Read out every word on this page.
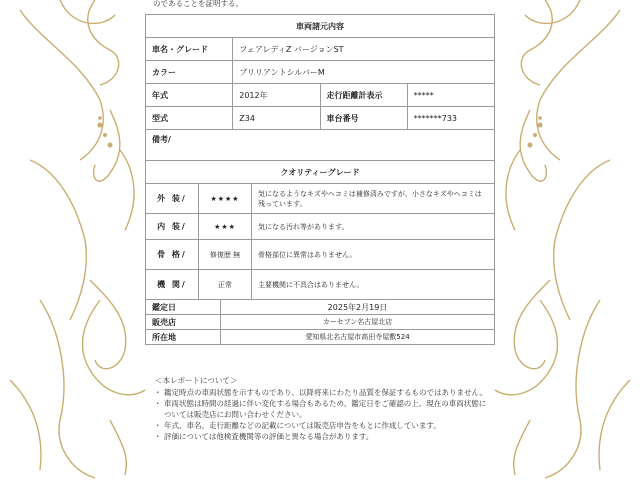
のであることを証明する。
車両諸元内容			
車名・グレード	フェアレディZ バージョンST		
カラー	ブリリアントシルバーM		
年式	2012年	走行距離計表示	*****
型式	Z34	車台番号	*******733
備考/			
クオリティーグレード			
外 装/	★★★★	気になるようなキズやヘコミは補修済みですが、小さなキズやヘコミは残っています。
内 装/	★★★	気になる汚れ等があります。
骨 格/	修復歴 無	骨格部位に異常はありません。
機 関/	正常	主要機関に不具合はありません。
鑑定日	2025年2月19日
販売店	カーセブン名古屋北店
所在地	愛知県北名古屋市高田寺屋敷524
＜本レポートについて＞
・ 鑑定時点の車両状態を示すものであり、以降将来にわたり品質を保証するものではありません。
・ 車両状態は時間の経過に伴い変化する場合もあるため、鑑定日をご確認の上、現在の車両状態については販売店にお問い合わせください。
・ 年式、車名、走行距離などの記載については販売店申告をもとに作成しています。
・ 評価については他検査機関等の評価と異なる場合があります。
